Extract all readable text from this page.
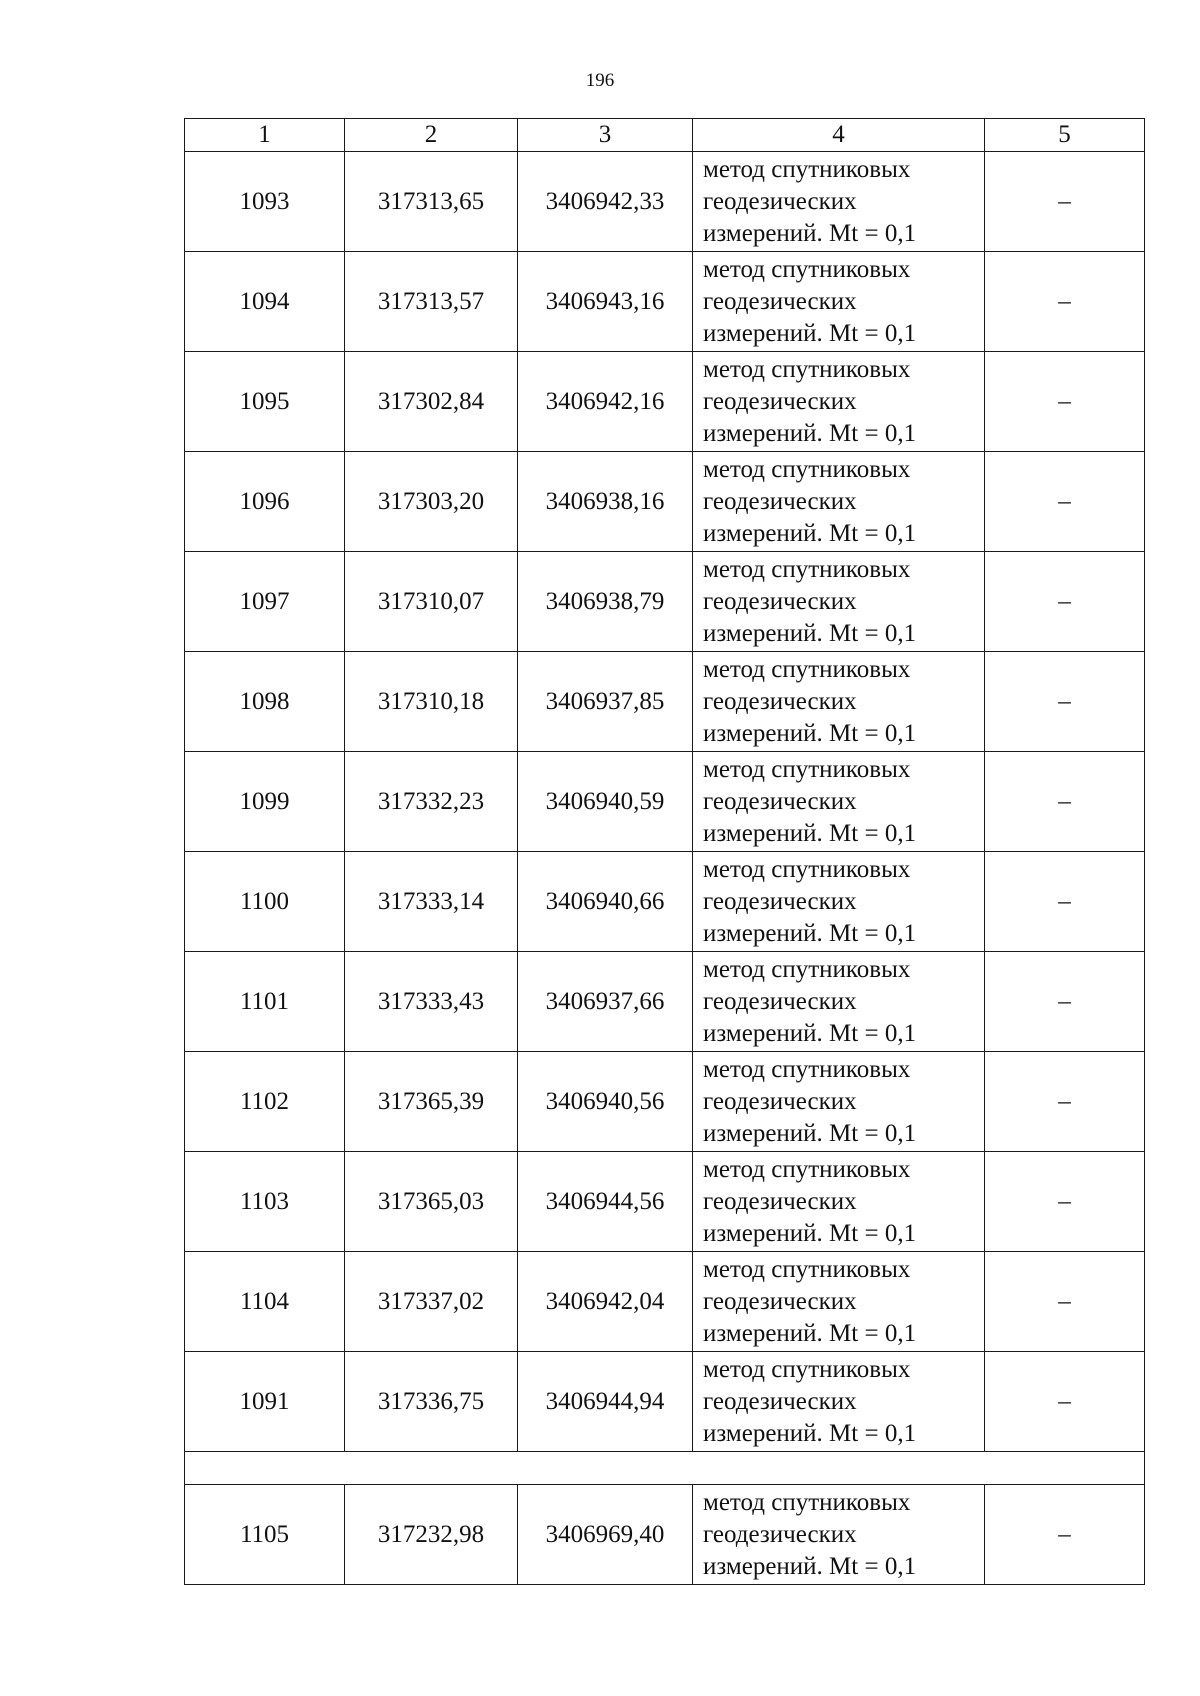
196
1	2	3	4	5
1093	317313,65	3406942,33	метод спутниковых
геодезических
измерений. Mt = 0,1	–
1094	317313,57	3406943,16	метод спутниковых
геодезических
измерений. Mt = 0,1	–
1095	317302,84	3406942,16	метод спутниковых
геодезических
измерений. Mt = 0,1	–
1096	317303,20	3406938,16	метод спутниковых
геодезических
измерений. Mt = 0,1	–
1097	317310,07	3406938,79	метод спутниковых
геодезических
измерений. Mt = 0,1	–
1098	317310,18	3406937,85	метод спутниковых
геодезических
измерений. Mt = 0,1	–
1099	317332,23	3406940,59	метод спутниковых
геодезических
измерений. Mt = 0,1	–
1100	317333,14	3406940,66	метод спутниковых
геодезических
измерений. Mt = 0,1	–
1101	317333,43	3406937,66	метод спутниковых
геодезических
измерений. Mt = 0,1	–
1102	317365,39	3406940,56	метод спутниковых
геодезических
измерений. Mt = 0,1	–
1103	317365,03	3406944,56	метод спутниковых
геодезических
измерений. Mt = 0,1	–
1104	317337,02	3406942,04	метод спутниковых
геодезических
измерений. Mt = 0,1	–
1091	317336,75	3406944,94	метод спутниковых
геодезических
измерений. Mt = 0,1	–

1105	317232,98	3406969,40	метод спутниковых
геодезических
измерений. Mt = 0,1	–
